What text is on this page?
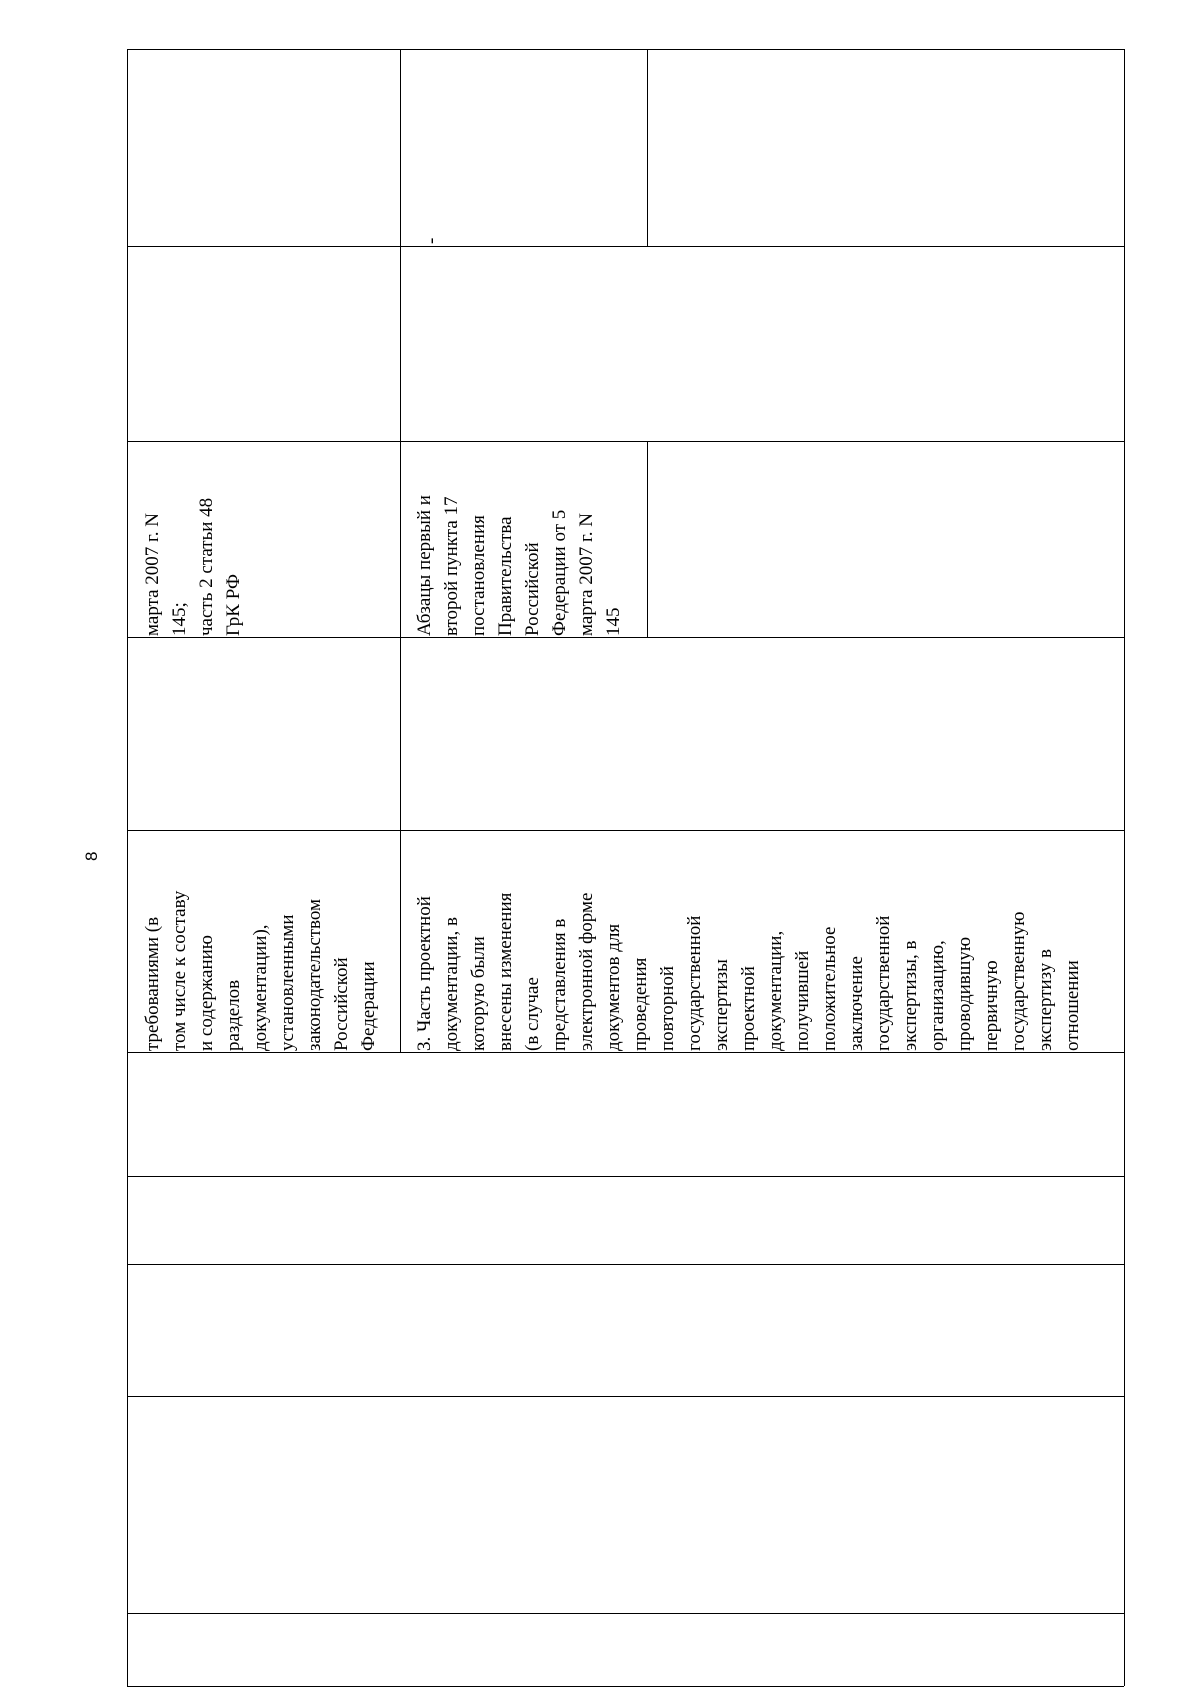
8
требованиями (в
том числе к составу
и содержанию
разделов
документации),
установленными
законодательством
Российской
Федерации
марта 2007 г. N
145;
часть 2 статьи 48
ГрК РФ
3. Часть проектной
документации, в
которую были
внесены изменения
(в случае
представления в
электронной форме
документов для
проведения
повторной
государственной
экспертизы
проектной
документации,
получившей
положительное
заключение
государственной
экспертизы, в
организацию,
проводившую
первичную
государственную
экспертизу в
отношении
Абзацы первый и
второй пункта 17
постановления
Правительства
Российской
Федерации от 5
марта 2007 г. N
145
-
